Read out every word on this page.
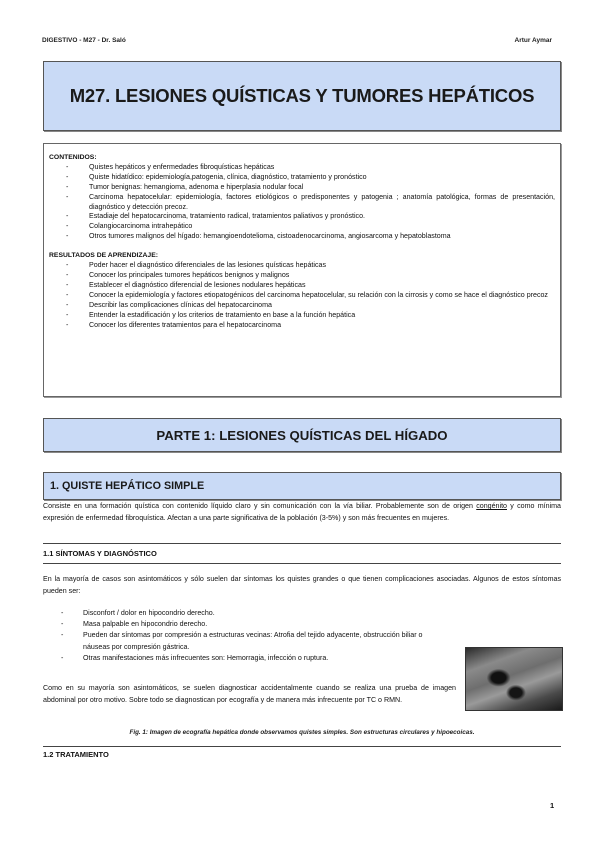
DIGESTIVO - M27 - Dr. Saló	Artur Aymar
M27. LESIONES QUÍSTICAS Y TUMORES HEPÁTICOS
CONTENIDOS:
- Quistes hepáticos y enfermedades fibroquísticas hepáticas
- Quiste hidatídico: epidemiología,patogenia, clínica, diagnóstico, tratamiento y pronóstico
- Tumor benignas: hemangioma, adenoma e hiperplasia nodular focal
- Carcinoma hepatocelular: epidemiología, factores etiológicos o predisponentes y patogenia ; anatomía patológica, formas de presentación, diagnóstico y detección precoz.
- Estadiaje del hepatocarcinoma, tratamiento radical, tratamientos paliativos y pronóstico.
- Colangiocarcinoma intrahepático
- Otros tumores malignos del hígado: hemangioendotelioma, cistoadenocarcinoma, angiosarcoma y hepatoblastoma
RESULTADOS DE APRENDIZAJE:
- Poder hacer el diagnóstico diferenciales de las lesiones quísticas hepáticas
- Conocer los principales tumores hepáticos benignos y malignos
- Establecer el diagnóstico diferencial de lesiones nodulares hepáticas
- Conocer la epidemiología y factores etiopatogénicos del carcinoma hepatocelular, su relación con la cirrosis y como se hace el diagnóstico precoz
- Describir las complicaciones clínicas del hepatocarcinoma
- Entender la estadificación y los criterios de tratamiento en base a la función hepática
- Conocer los diferentes tratamientos para el hepatocarcinoma
PARTE 1: LESIONES QUÍSTICAS DEL HÍGADO
1. QUISTE HEPÁTICO SIMPLE

Consiste en una formación quística con contenido líquido claro y sin comunicación con la vía biliar. Probablemente son de origen congénito y como mínima expresión de enfermedad fibroquística. Afectan a una parte significativa de la población (3-5%) y son más frecuentes en mujeres.

1.1 SÍNTOMAS Y DIAGNÓSTICO

En la mayoría de casos son asintomáticos y sólo suelen dar síntomas los quistes grandes o que tienen complicaciones asociadas. Algunos de estos síntomas pueden ser:

- Disconfort / dolor en hipocondrio derecho.
- Masa palpable en hipocondrio derecho.
- Pueden dar síntomas por compresión a estructuras vecinas: Atrofia del tejido adyacente, obstrucción biliar o náuseas por compresión gástrica.
- Otras manifestaciones más infrecuentes son: Hemorragia, infección o ruptura.

Como en su mayoría son asintomáticos, se suelen diagnosticar accidentalmente cuando se realiza una prueba de imagen abdominal por otro motivo. Sobre todo se diagnostican por ecografía y de manera más infrecuente por TC o RMN.

Fig. 1: Imagen de ecografía hepática donde observamos quistes simples. Son estructuras circulares y hipoecoicas.
1.2 TRATAMIENTO
1
